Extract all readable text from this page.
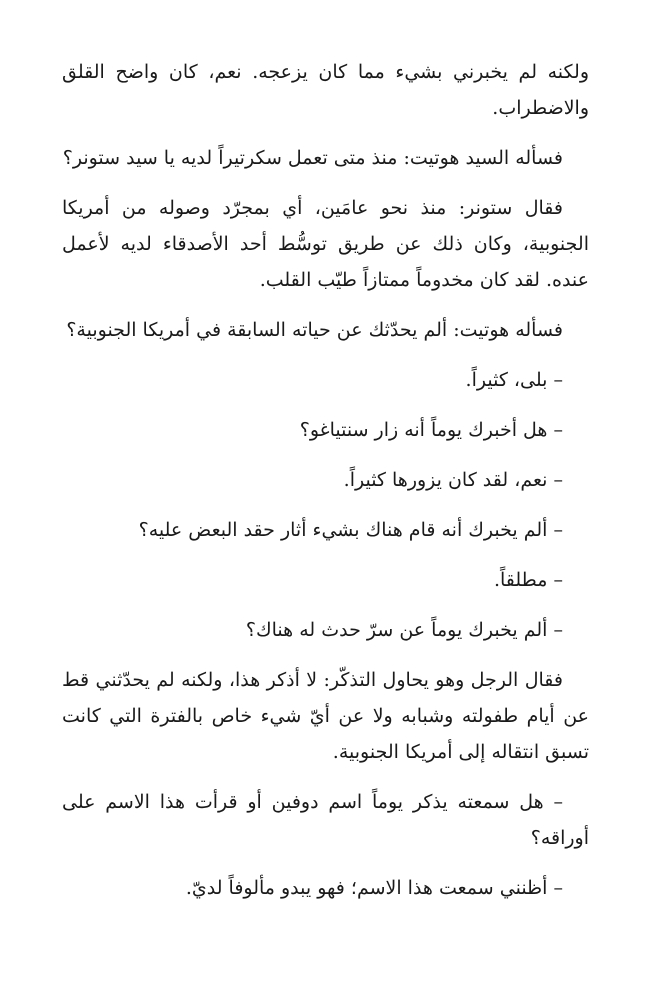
ولكنه لم يخبرني بشيء مما كان يزعجه. نعم، كان واضح القلق والاضطراب.

فسأله السيد هوتيت: منذ متى تعمل سكرتيراً لديه يا سيد ستونر؟

فقال ستونر: منذ نحو عامَين، أي بمجرّد وصوله من أمريكا الجنوبية، وكان ذلك عن طريق توسُّط أحد الأصدقاء لديه لأعمل عنده. لقد كان مخدوماً ممتازاً طيّب القلب.

فسأله هوتيت: ألم يحدّثك عن حياته السابقة في أمريكا الجنوبية؟

– بلى، كثيراً.

– هل أخبرك يوماً أنه زار سنتياغو؟

– نعم، لقد كان يزورها كثيراً.

– ألم يخبرك أنه قام هناك بشيء أثار حقد البعض عليه؟

– مطلقاً.

– ألم يخبرك يوماً عن سرّ حدث له هناك؟

فقال الرجل وهو يحاول التذكّر: لا أذكر هذا، ولكنه لم يحدّثني قط عن أيام طفولته وشبابه ولا عن أيّ شيء خاص بالفترة التي كانت تسبق انتقاله إلى أمريكا الجنوبية.

– هل سمعته يذكر يوماً اسم دوفين أو قرأت هذا الاسم على أوراقه؟

– أظنني سمعت هذا الاسم؛ فهو يبدو مألوفاً لديّ.
